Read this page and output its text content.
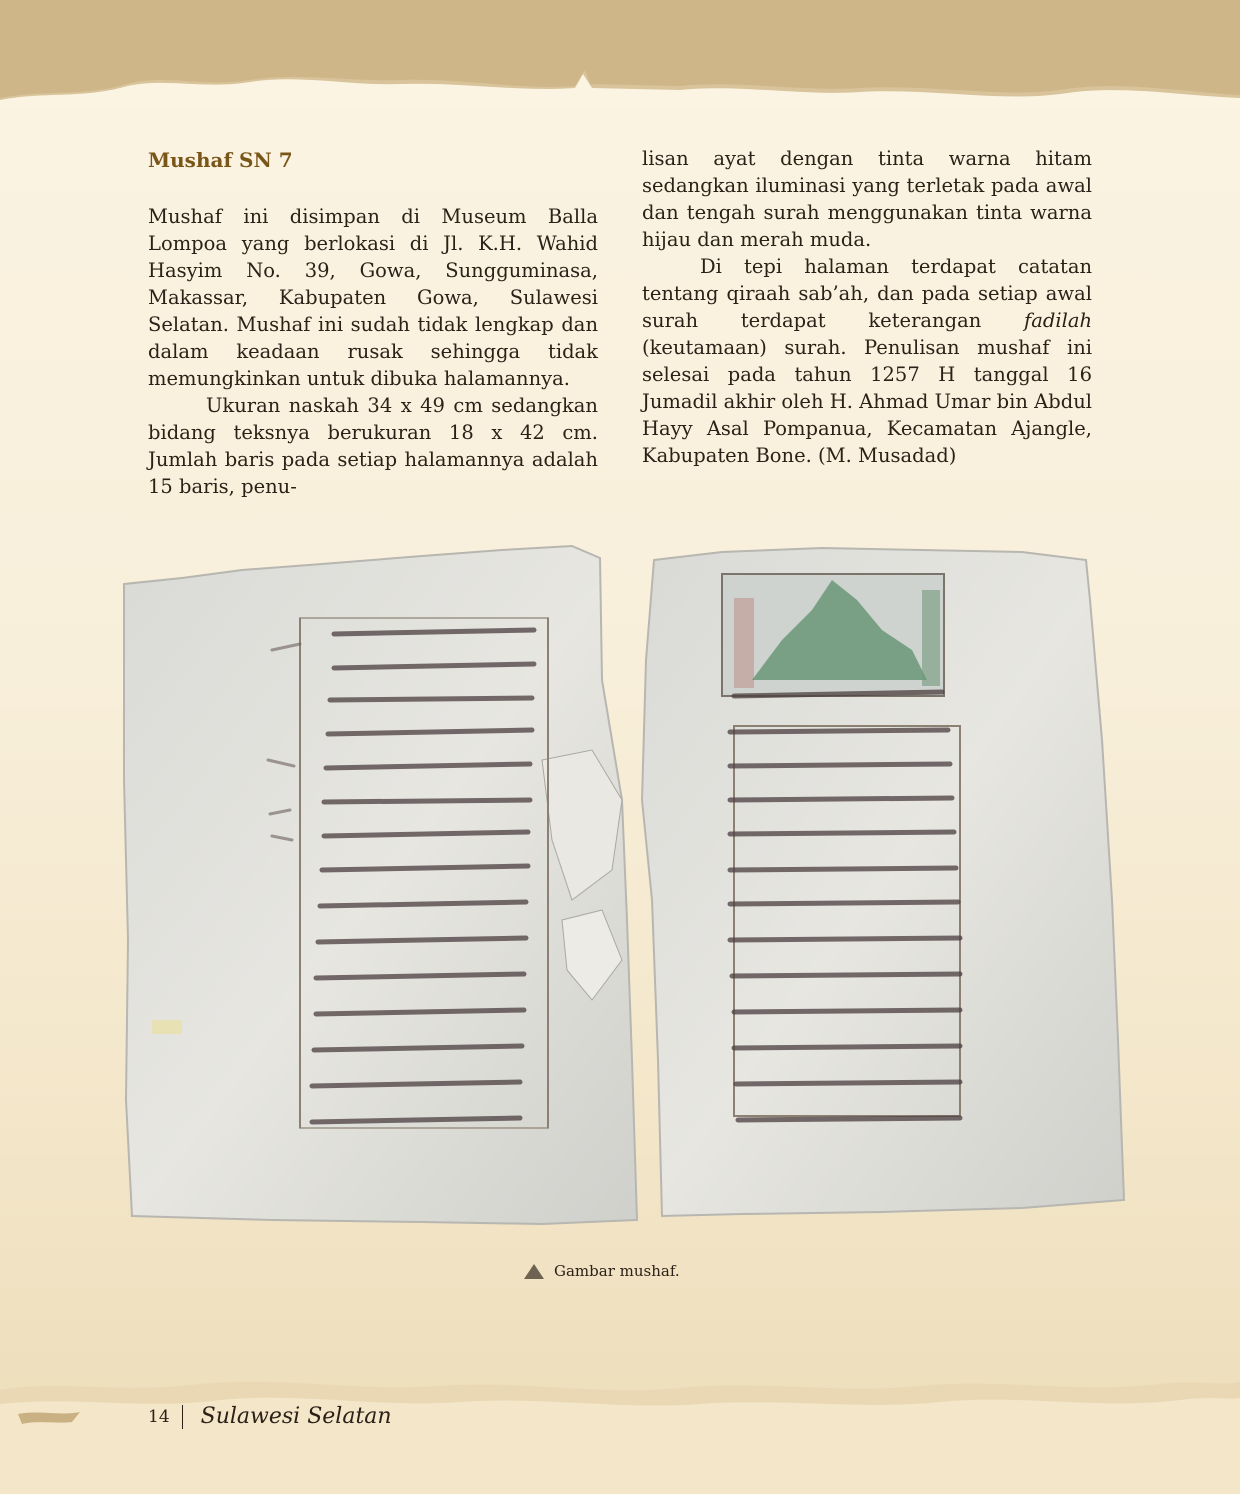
Mushaf SN 7

Mushaf ini disimpan di Museum Balla Lompoa yang berlokasi di Jl. K.H. Wahid Hasyim No. 39, Gowa, Sungguminasa, Makassar, Kabupaten Gowa, Sulawesi Selatan. Mushaf ini sudah tidak lengkap dan dalam keadaan rusak sehingga tidak memungkinkan untuk dibuka halamannya.

Ukuran naskah 34 x 49 cm sedangkan bidang teksnya berukuran 18 x 42 cm. Jumlah baris pada setiap halamannya adalah 15 baris, penu-

lisan ayat dengan tinta warna hitam sedangkan iluminasi yang terletak pada awal dan tengah surah menggunakan tinta warna hijau dan merah muda.

Di tepi halaman terdapat catatan tentang qiraah sab’ah, dan pada setiap awal surah terdapat keterangan fadilah (keutamaan) surah. Penulisan mushaf ini selesai pada tahun 1257 H tanggal 16 Jumadil akhir oleh H. Ahmad Umar bin Abdul Hayy Asal Pompanua, Kecamatan Ajangle, Kabupaten Bone. (M. Musadad)

Gambar mushaf.
14 Sulawesi Selatan
